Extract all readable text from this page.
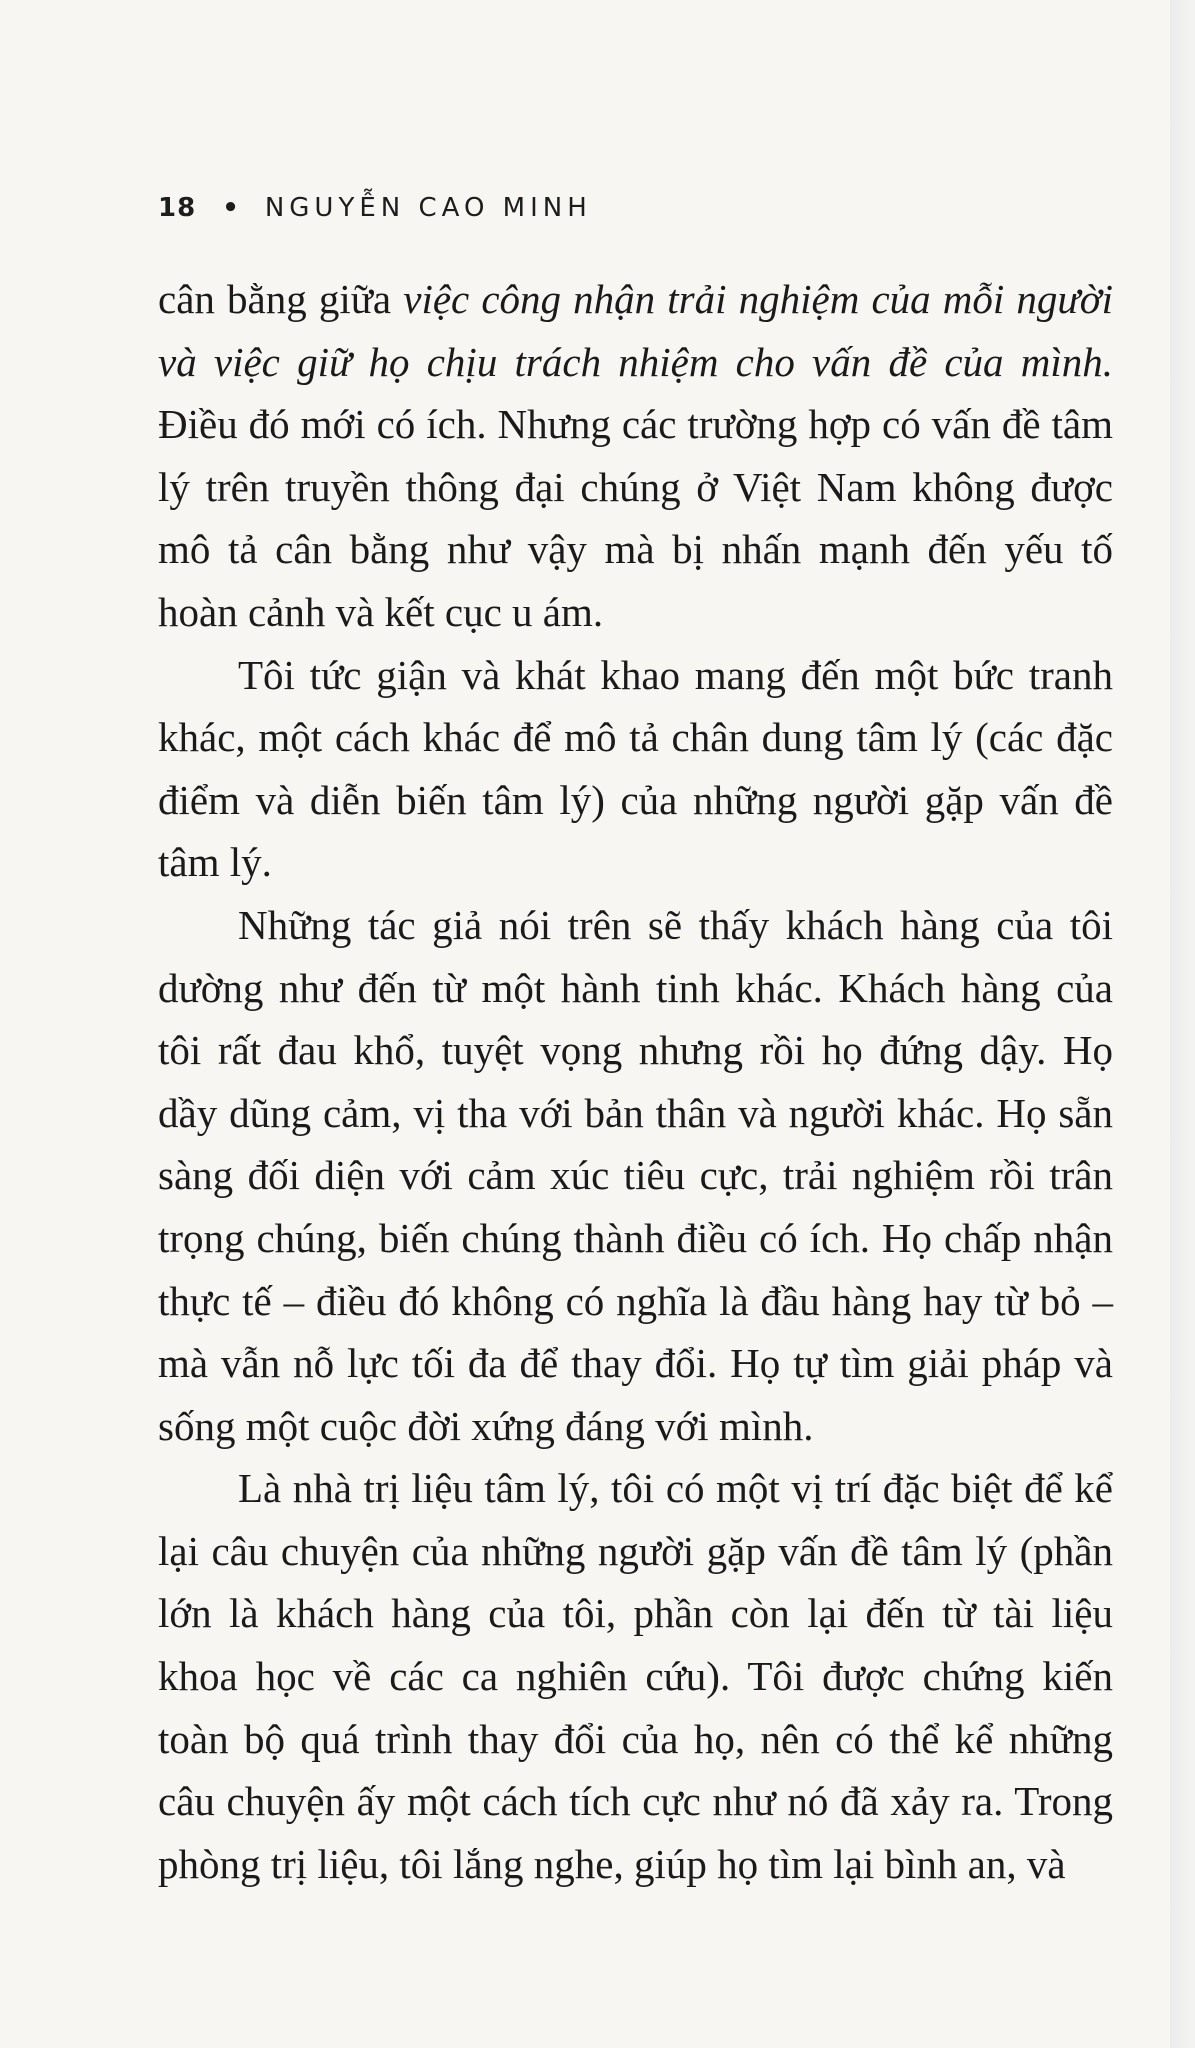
18 • NGUYỄN CAO MINH

cân bằng giữa việc công nhận trải nghiệm của mỗi người và việc giữ họ chịu trách nhiệm cho vấn đề của mình. Điều đó mới có ích. Nhưng các trường hợp có vấn đề tâm lý trên truyền thông đại chúng ở Việt Nam không được mô tả cân bằng như vậy mà bị nhấn mạnh đến yếu tố hoàn cảnh và kết cục u ám.

Tôi tức giận và khát khao mang đến một bức tranh khác, một cách khác để mô tả chân dung tâm lý (các đặc điểm và diễn biến tâm lý) của những người gặp vấn đề tâm lý.

Những tác giả nói trên sẽ thấy khách hàng của tôi dường như đến từ một hành tinh khác. Khách hàng của tôi rất đau khổ, tuyệt vọng nhưng rồi họ đứng dậy. Họ dầy dũng cảm, vị tha với bản thân và người khác. Họ sẵn sàng đối diện với cảm xúc tiêu cực, trải nghiệm rồi trân trọng chúng, biến chúng thành điều có ích. Họ chấp nhận thực tế – điều đó không có nghĩa là đầu hàng hay từ bỏ – mà vẫn nỗ lực tối đa để thay đổi. Họ tự tìm giải pháp và sống một cuộc đời xứng đáng với mình.

Là nhà trị liệu tâm lý, tôi có một vị trí đặc biệt để kể lại câu chuyện của những người gặp vấn đề tâm lý (phần lớn là khách hàng của tôi, phần còn lại đến từ tài liệu khoa học về các ca nghiên cứu). Tôi được chứng kiến toàn bộ quá trình thay đổi của họ, nên có thể kể những câu chuyện ấy một cách tích cực như nó đã xảy ra. Trong phòng trị liệu, tôi lắng nghe, giúp họ tìm lại bình an, và
